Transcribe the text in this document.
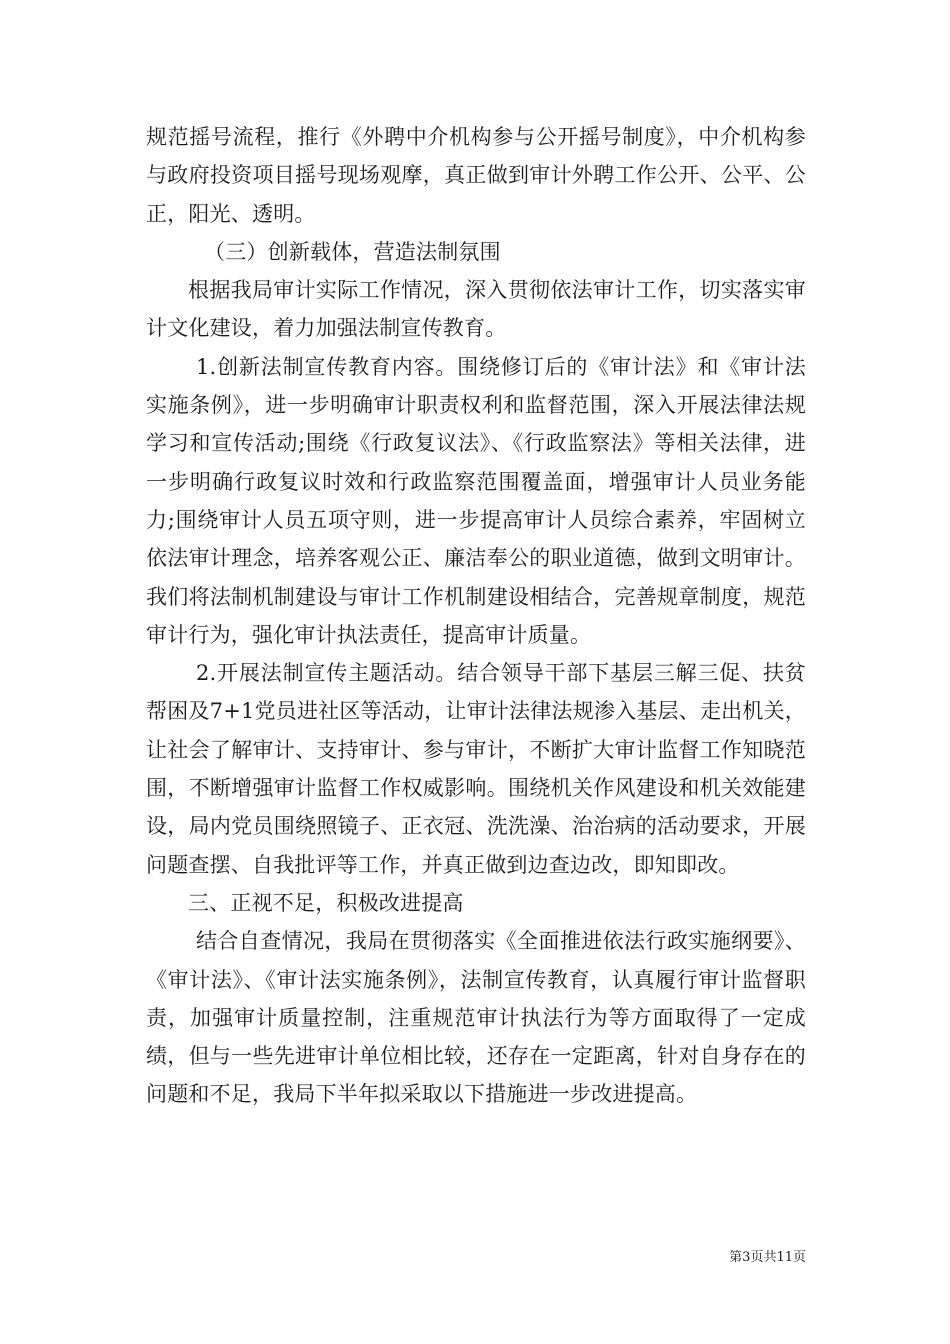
规范摇号流程，推行《外聘中介机构参与公开摇号制度》，中介机构参与政府投资项目摇号现场观摩，真正做到审计外聘工作公开、公平、公正，阳光、透明。

（三）创新载体，营造法制氛围

根据我局审计实际工作情况，深入贯彻依法审计工作，切实落实审计文化建设，着力加强法制宣传教育。

1.创新法制宣传教育内容。围绕修订后的《审计法》和《审计法实施条例》，进一步明确审计职责权利和监督范围，深入开展法律法规学习和宣传活动;围绕《行政复议法》、《行政监察法》等相关法律，进一步明确行政复议时效和行政监察范围覆盖面，增强审计人员业务能力;围绕审计人员五项守则，进一步提高审计人员综合素养，牢固树立依法审计理念，培养客观公正、廉洁奉公的职业道德，做到文明审计。我们将法制机制建设与审计工作机制建设相结合，完善规章制度，规范审计行为，强化审计执法责任，提高审计质量。

2.开展法制宣传主题活动。结合领导干部下基层三解三促、扶贫帮困及7+1党员进社区等活动，让审计法律法规渗入基层、走出机关，让社会了解审计、支持审计、参与审计，不断扩大审计监督工作知晓范围，不断增强审计监督工作权威影响。围绕机关作风建设和机关效能建设，局内党员围绕照镜子、正衣冠、洗洗澡、治治病的活动要求，开展问题查摆、自我批评等工作，并真正做到边查边改，即知即改。

三、正视不足，积极改进提高

结合自查情况，我局在贯彻落实《全面推进依法行政实施纲要》、《审计法》、《审计法实施条例》，法制宣传教育，认真履行审计监督职责，加强审计质量控制，注重规范审计执法行为等方面取得了一定成绩，但与一些先进审计单位相比较，还存在一定距离，针对自身存在的问题和不足，我局下半年拟采取以下措施进一步改进提高。

第3页共11页
